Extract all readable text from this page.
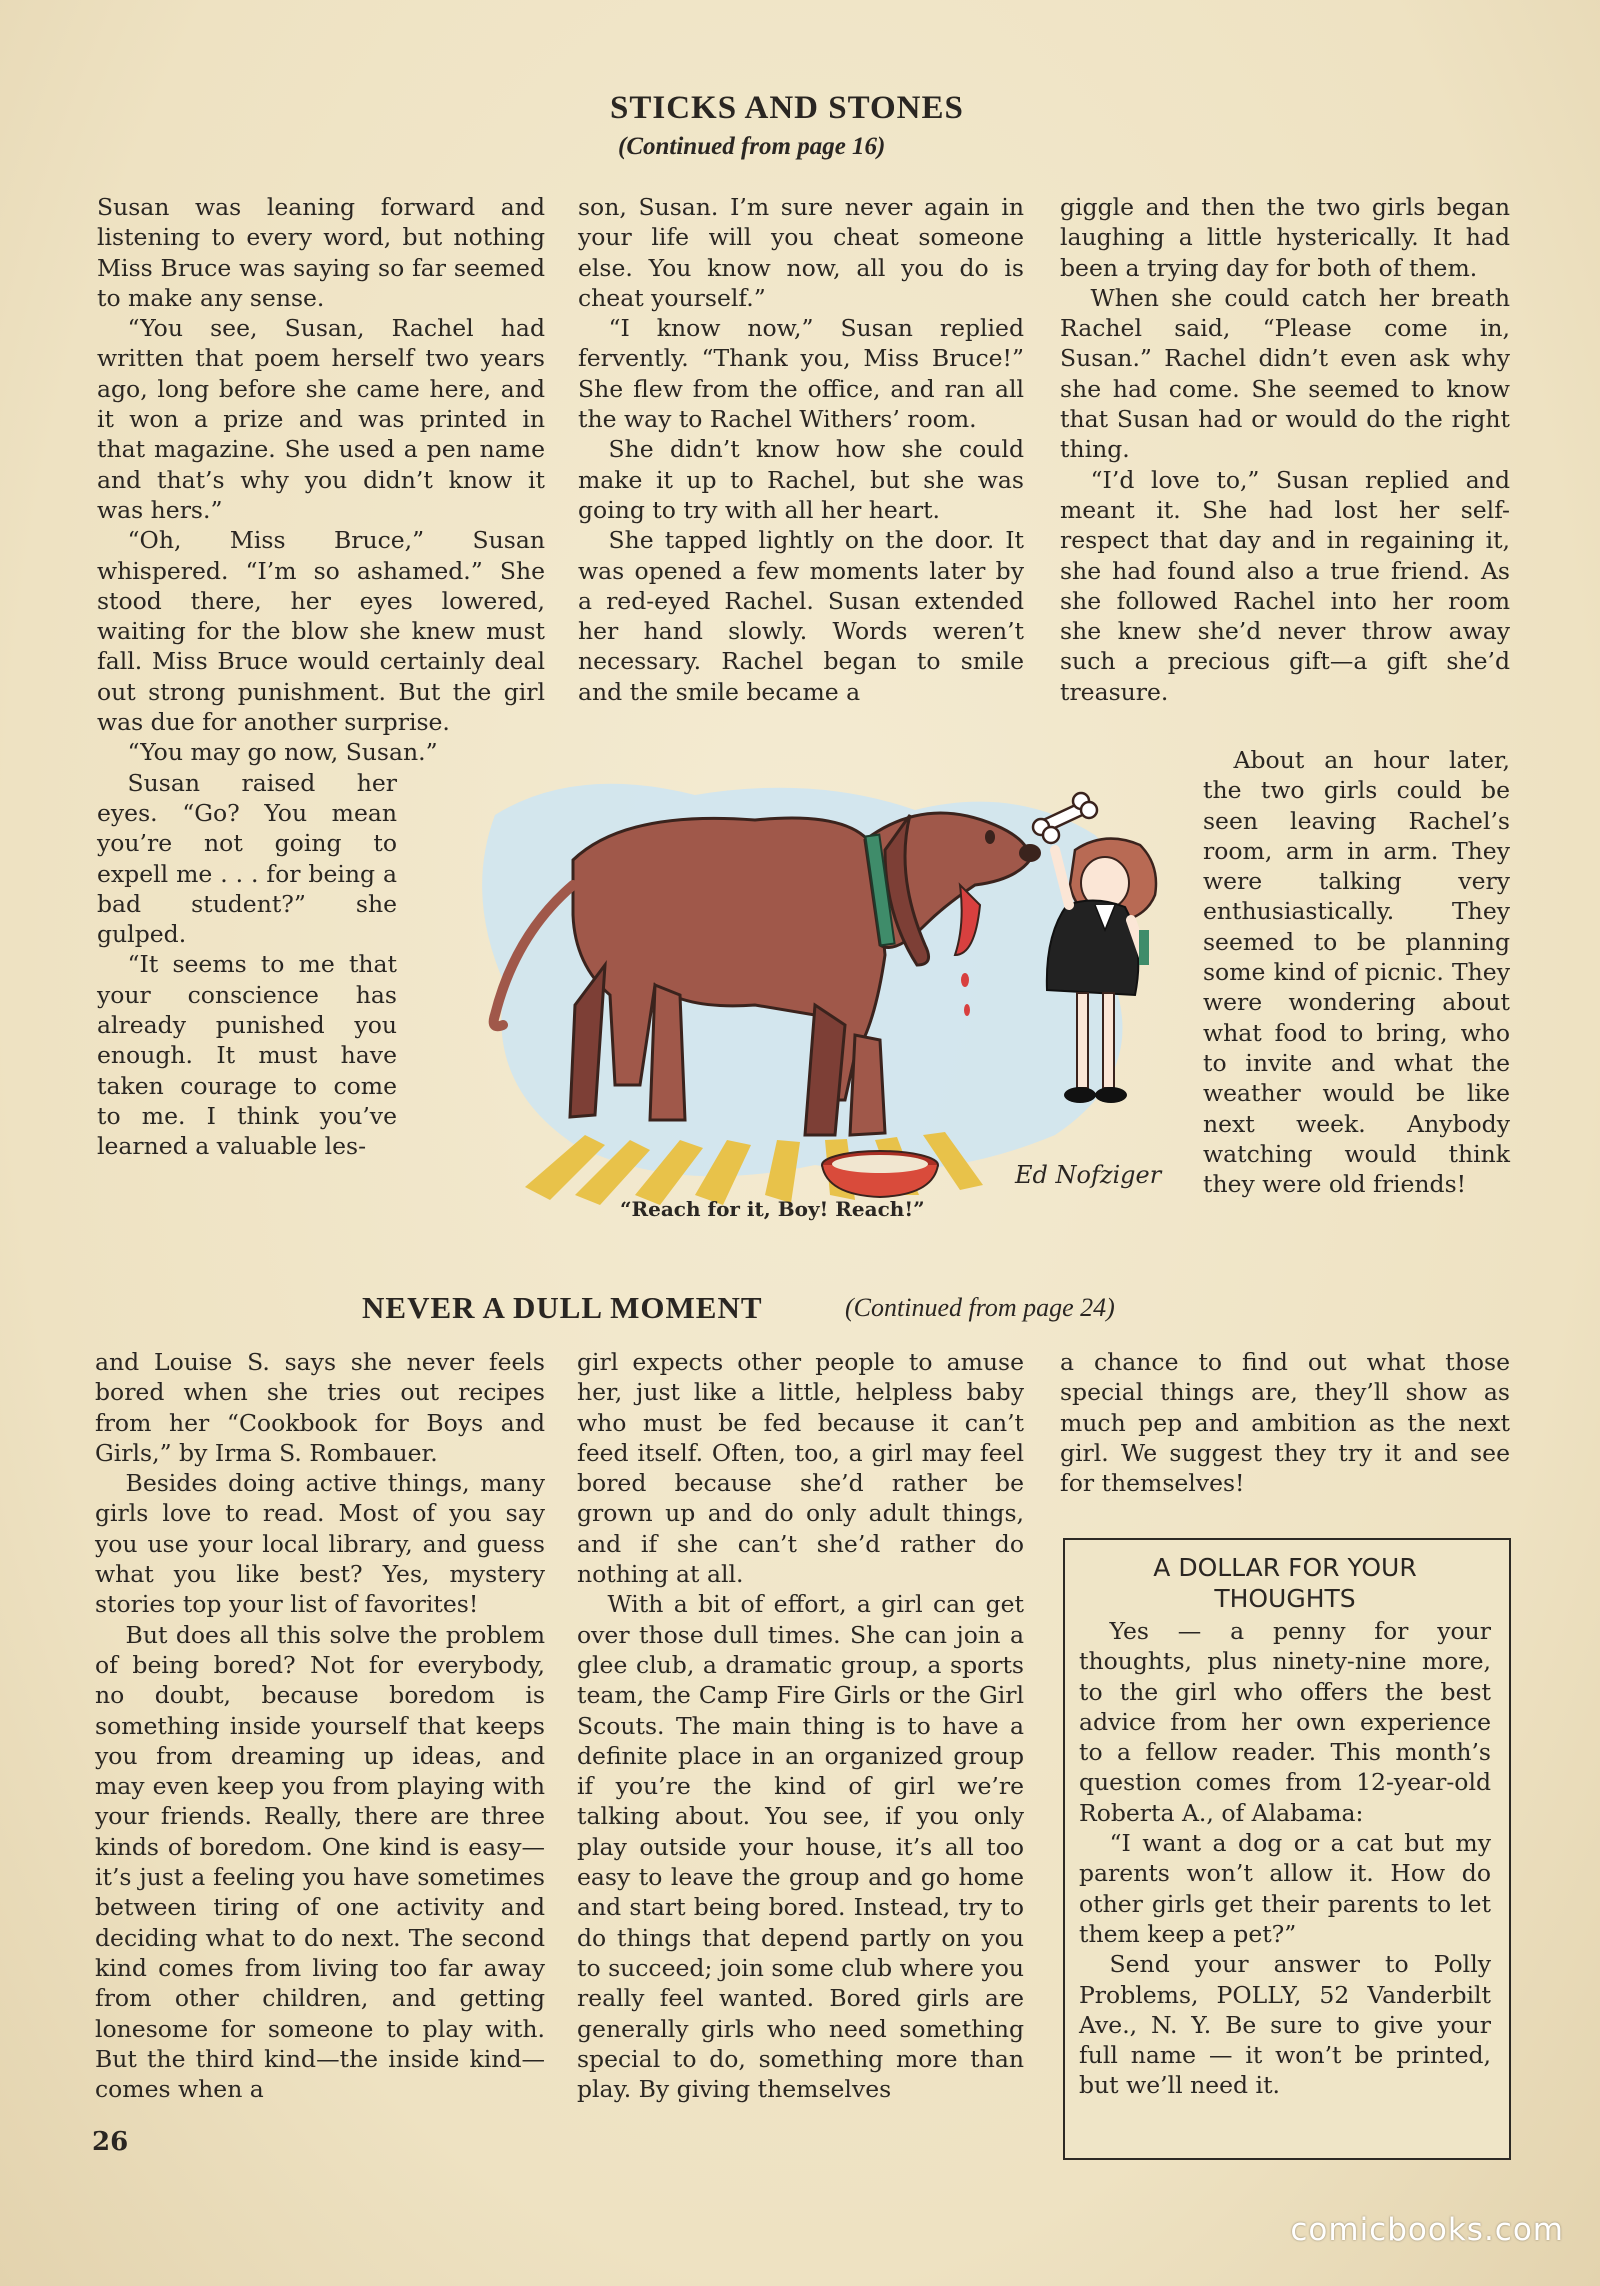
STICKS AND STONES
(Continued from page 16)

Susan was leaning forward and listening to every word, but nothing Miss Bruce was saying so far seemed to make any sense.

“You see, Susan, Rachel had written that poem herself two years ago, long before she came here, and it won a prize and was printed in that magazine. She used a pen name and that’s why you didn’t know it was hers.”

“Oh, Miss Bruce,” Susan whispered. “I’m so ashamed.” She stood there, her eyes lowered, waiting for the blow she knew must fall. Miss Bruce would certainly deal out strong punishment. But the girl was due for another surprise.

“You may go now, Susan.”

Susan raised her eyes. “Go? You mean you’re not going to expell me . . . for being a bad student?” she gulped.

“It seems to me that your conscience has already punished you enough. It must have taken courage to come to me. I think you’ve learned a valuable les-

son, Susan. I’m sure never again in your life will you cheat someone else. You know now, all you do is cheat yourself.”

“I know now,” Susan replied fervently. “Thank you, Miss Bruce!” She flew from the office, and ran all the way to Rachel Withers’ room.

She didn’t know how she could make it up to Rachel, but she was going to try with all her heart.

She tapped lightly on the door. It was opened a few moments later by a red-eyed Rachel. Susan extended her hand slowly. Words weren’t necessary. Rachel began to smile and the smile became a

giggle and then the two girls began laughing a little hysterically. It had been a trying day for both of them.

When she could catch her breath Rachel said, “Please come in, Susan.” Rachel didn’t even ask why she had come. She seemed to know that Susan had or would do the right thing.

“I’d love to,” Susan replied and meant it. She had lost her self-respect that day and in regaining it, she had found also a true friend. As she followed Rachel into her room she knew she’d never throw away such a precious gift—a gift she’d treasure.

About an hour later, the two girls could be seen leaving Rachel’s room, arm in arm. They were talking very enthusiastically. They seemed to be planning some kind of picnic. They were wondering about what food to bring, who to invite and what the weather would be like next week. Anybody watching would think they were old friends!

Ed Nofziger
“Reach for it, Boy! Reach!”
NEVER A DULL MOMENT	(Continued from page 24)

and Louise S. says she never feels bored when she tries out recipes from her “Cookbook for Boys and Girls,” by Irma S. Rombauer.

Besides doing active things, many girls love to read. Most of you say you use your local library, and guess what you like best? Yes, mystery stories top your list of favorites!

But does all this solve the problem of being bored? Not for everybody, no doubt, because boredom is something inside yourself that keeps you from dreaming up ideas, and may even keep you from playing with your friends. Really, there are three kinds of boredom. One kind is easy—it’s just a feeling you have sometimes between tiring of one activity and deciding what to do next. The second kind comes from living too far away from other children, and getting lonesome for someone to play with. But the third kind—the inside kind—comes when a

girl expects other people to amuse her, just like a little, helpless baby who must be fed because it can’t feed itself. Often, too, a girl may feel bored because she’d rather be grown up and do only adult things, and if she can’t she’d rather do nothing at all.

With a bit of effort, a girl can get over those dull times. She can join a glee club, a dramatic group, a sports team, the Camp Fire Girls or the Girl Scouts. The main thing is to have a definite place in an organized group if you’re the kind of girl we’re talking about. You see, if you only play outside your house, it’s all too easy to leave the group and go home and start being bored. Instead, try to do things that depend partly on you to succeed; join some club where you really feel wanted. Bored girls are generally girls who need something special to do, something more than play. By giving themselves

a chance to find out what those special things are, they’ll show as much pep and ambition as the next girl. We suggest they try it and see for themselves!

A DOLLAR FOR YOUR THOUGHTS

Yes — a penny for your thoughts, plus ninety-nine more, to the girl who offers the best advice from her own experience to a fellow reader. This month’s question comes from 12-year-old Roberta A., of Alabama:

“I want a dog or a cat but my parents won’t allow it. How do other girls get their parents to let them keep a pet?”

Send your answer to Polly Problems, POLLY, 52 Vanderbilt Ave., N. Y. Be sure to give your full name — it won’t be printed, but we’ll need it.

26
comicbooks.com
